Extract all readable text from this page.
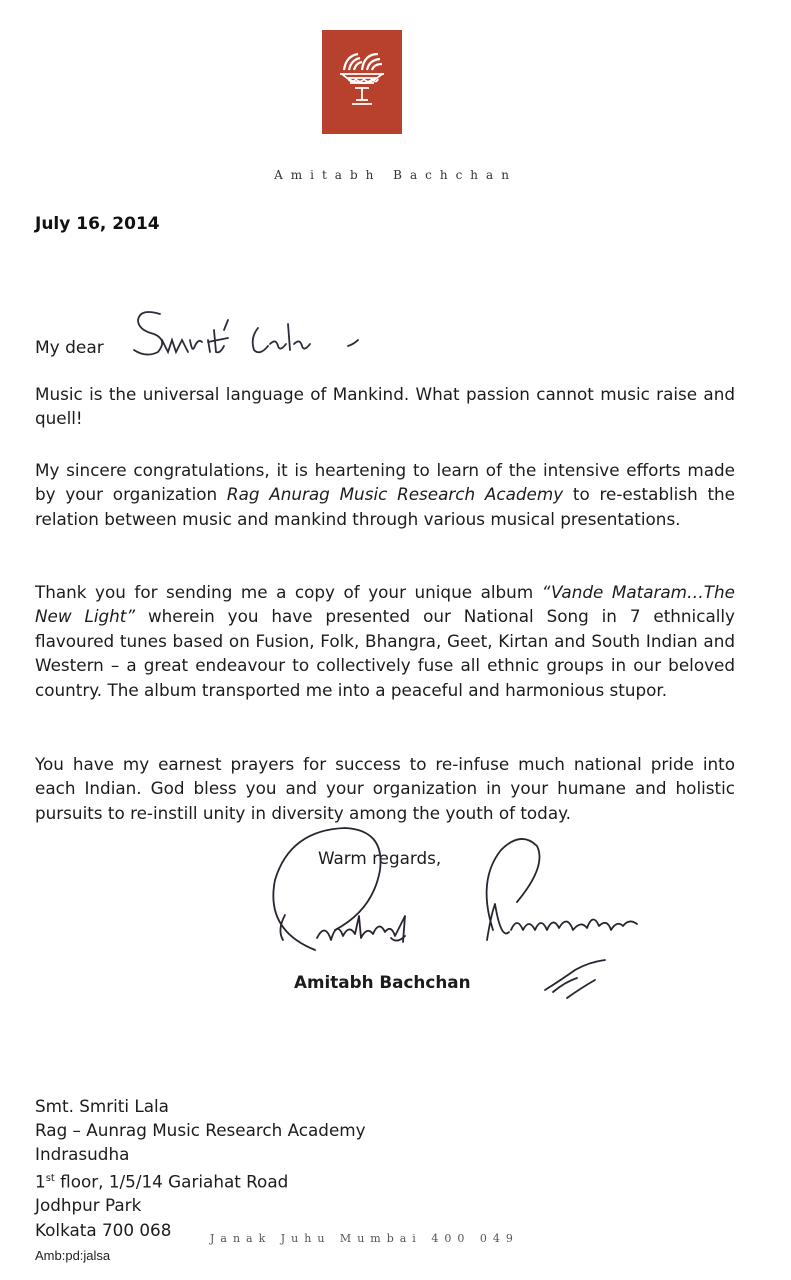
Amitabh Bachchan
July 16, 2014
My dear

Music is the universal language of Mankind. What passion cannot music raise and quell!

My sincere congratulations, it is heartening to learn of the intensive efforts made by your organization Rag Anurag Music Research Academy to re-establish the relation between music and mankind through various musical presentations.

Thank you for sending me a copy of your unique album “Vande Mataram…The New Light” wherein you have presented our National Song in 7 ethnically flavoured tunes based on Fusion, Folk, Bhangra, Geet, Kirtan and South Indian and Western – a great endeavour to collectively fuse all ethnic groups in our beloved country. The album transported me into a peaceful and harmonious stupor.

You have my earnest prayers for success to re-infuse much national pride into each Indian. God bless you and your organization in your humane and holistic pursuits to re-instill unity in diversity among the youth of today.

Warm regards,
Amitabh Bachchan
Smt. Smriti Lala
Rag – Aunrag Music Research Academy
Indrasudha
1st floor, 1/5/14 Gariahat Road
Jodhpur Park
Kolkata 700 068	Janak Juhu Mumbai 400 049
Amb:pd:jalsa
